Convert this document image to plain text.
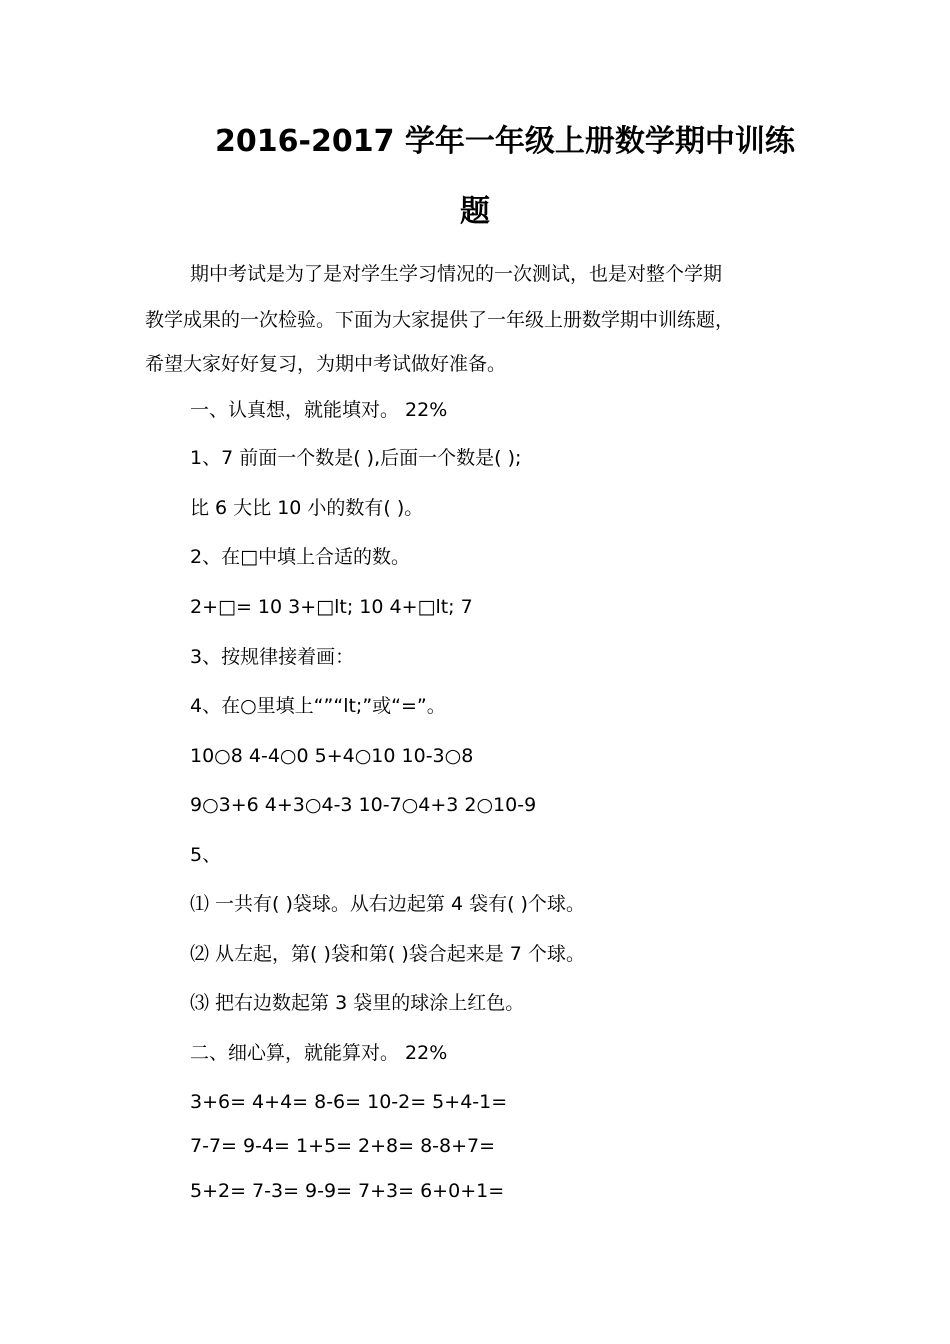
2016-2017 学年一年级上册数学期中训练
题
期中考试是为了是对学生学习情况的一次测试，也是对整个学期
教学成果的一次检验。下面为大家提供了一年级上册数学期中训练题，
希望大家好好复习，为期中考试做好准备。
一、认真想，就能填对。 22%
1、7 前面一个数是( ),后面一个数是( );
比 6 大比 10 小的数有( )。
2、在□中填上合适的数。
2+□= 10 3+□lt; 10 4+□lt; 7
3、按规律接着画：
4、在○里填上“”“lt;”或“=”。
10○8 4-4○0 5+4○10 10-3○8
9○3+6 4+3○4-3 10-7○4+3 2○10-9
5、
⑴ 一共有( )袋球。从右边起第 4 袋有( )个球。
⑵ 从左起，第( )袋和第( )袋合起来是 7 个球。
⑶ 把右边数起第 3 袋里的球涂上红色。
二、细心算，就能算对。 22%
3+6= 4+4= 8-6= 10-2= 5+4-1=
7-7= 9-4= 1+5= 2+8= 8-8+7=
5+2= 7-3= 9-9= 7+3= 6+0+1=
